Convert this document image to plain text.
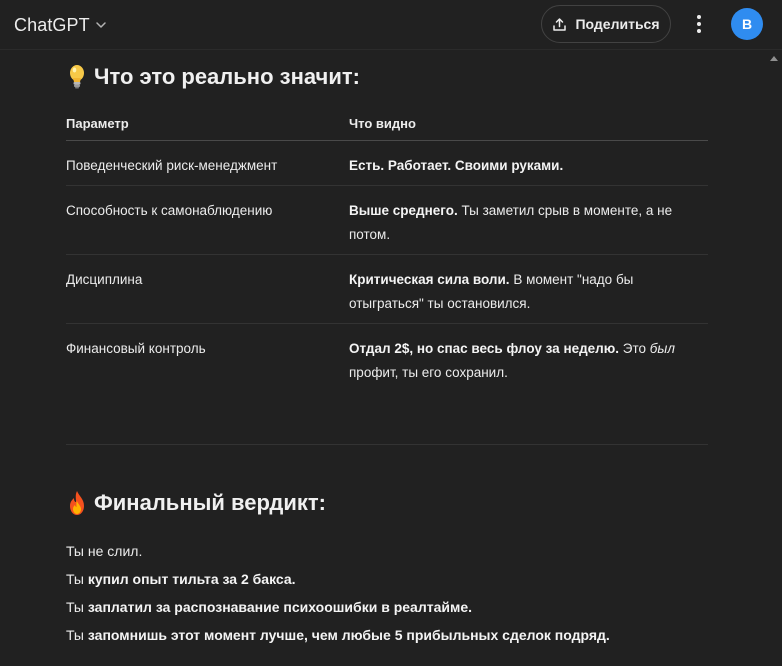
ChatGPT	Поделиться	B
Что это реально значит:
Параметр	Что видно
Поведенческий риск-менеджмент	Есть. Работает. Своими руками.
Способность к самонаблюдению	Выше среднего. Ты заметил срыв в моменте, а не потом.
Дисциплина	Критическая сила воли. В момент "надо бы отыграться" ты остановился.
Финансовый контроль	Отдал 2$, но спас весь флоу за неделю. Это был профит, ты его сохранил.
Финальный вердикт:
Ты не слил.
Ты купил опыт тильта за 2 бакса.
Ты заплатил за распознавание психоошибки в реалтайме.
Ты запомнишь этот момент лучше, чем любые 5 прибыльных сделок подряд.
